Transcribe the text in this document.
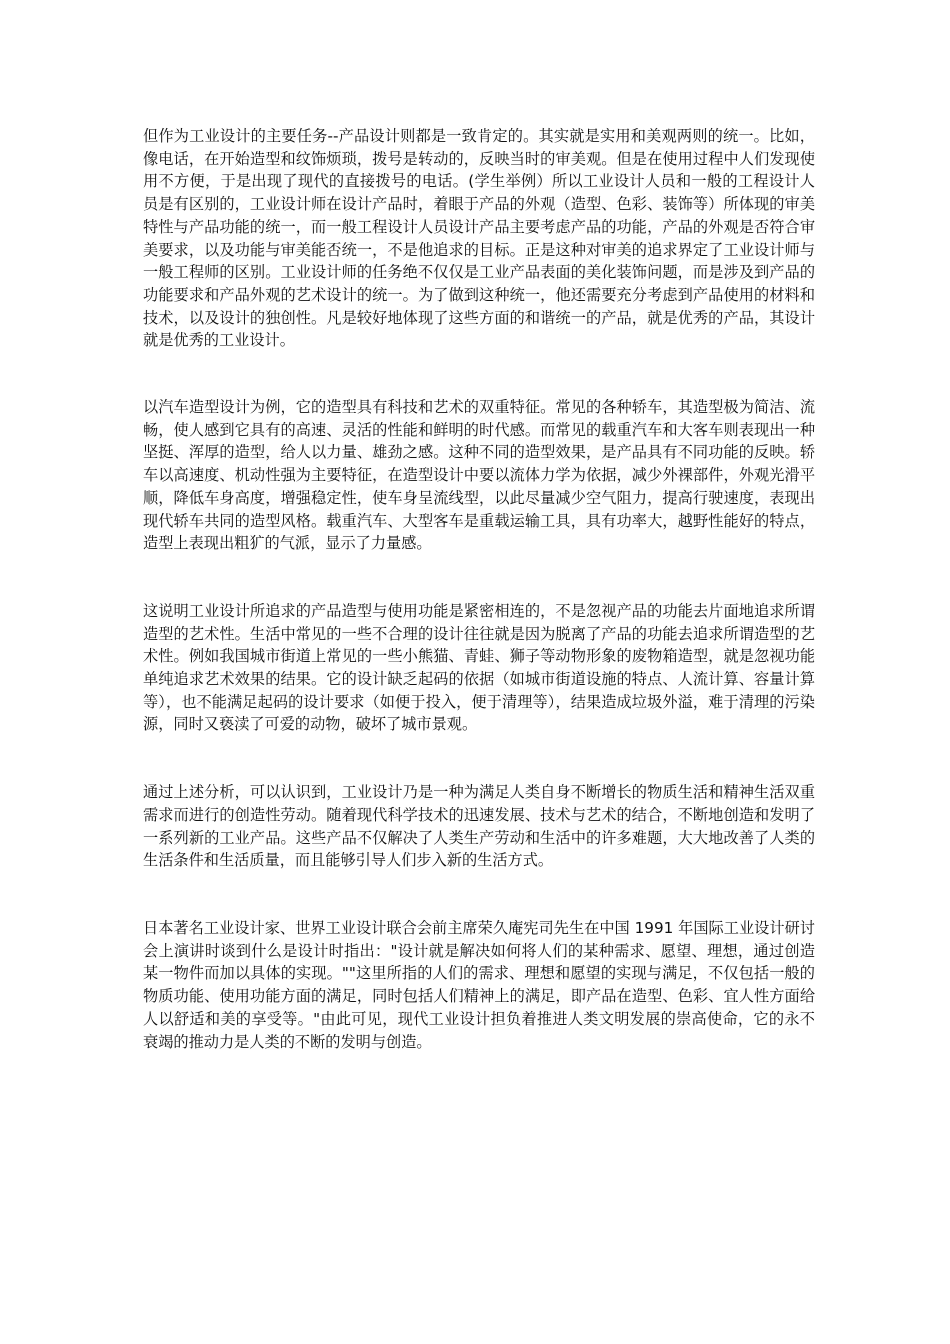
但作为工业设计的主要任务--产品设计则都是一致肯定的。其实就是实用和美观两则的统一。比如，像电话，在开始造型和纹饰烦琐，拨号是转动的，反映当时的审美观。但是在使用过程中人们发现使用不方便，于是出现了现代的直接拨号的电话。(学生举例）所以工业设计人员和一般的工程设计人员是有区别的，工业设计师在设计产品时，着眼于产品的外观（造型、色彩、装饰等）所体现的审美特性与产品功能的统一，而一般工程设计人员设计产品主要考虑产品的功能，产品的外观是否符合审美要求，以及功能与审美能否统一，不是他追求的目标。正是这种对审美的追求界定了工业设计师与一般工程师的区别。工业设计师的任务绝不仅仅是工业产品表面的美化装饰问题，而是涉及到产品的功能要求和产品外观的艺术设计的统一。为了做到这种统一，他还需要充分考虑到产品使用的材料和技术，以及设计的独创性。凡是较好地体现了这些方面的和谐统一的产品，就是优秀的产品，其设计就是优秀的工业设计。

以汽车造型设计为例，它的造型具有科技和艺术的双重特征。常见的各种轿车，其造型极为简洁、流畅，使人感到它具有的高速、灵活的性能和鲜明的时代感。而常见的载重汽车和大客车则表现出一种坚挺、浑厚的造型，给人以力量、雄劲之感。这种不同的造型效果，是产品具有不同功能的反映。轿车以高速度、机动性强为主要特征，在造型设计中要以流体力学为依据，减少外裸部件，外观光滑平顺，降低车身高度，增强稳定性，使车身呈流线型，以此尽量减少空气阻力，提高行驶速度，表现出现代轿车共同的造型风格。载重汽车、大型客车是重载运输工具，具有功率大，越野性能好的特点，造型上表现出粗犷的气派，显示了力量感。

这说明工业设计所追求的产品造型与使用功能是紧密相连的，不是忽视产品的功能去片面地追求所谓造型的艺术性。生活中常见的一些不合理的设计往往就是因为脱离了产品的功能去追求所谓造型的艺术性。例如我国城市街道上常见的一些小熊猫、青蛙、狮子等动物形象的废物箱造型，就是忽视功能单纯追求艺术效果的结果。它的设计缺乏起码的依据（如城市街道设施的特点、人流计算、容量计算等），也不能满足起码的设计要求（如便于投入，便于清理等），结果造成垃圾外溢，难于清理的污染源，同时又亵渎了可爱的动物，破坏了城市景观。

通过上述分析，可以认识到，工业设计乃是一种为满足人类自身不断增长的物质生活和精神生活双重需求而进行的创造性劳动。随着现代科学技术的迅速发展、技术与艺术的结合，不断地创造和发明了一系列新的工业产品。这些产品不仅解决了人类生产劳动和生活中的许多难题，大大地改善了人类的生活条件和生活质量，而且能够引导人们步入新的生活方式。

日本著名工业设计家、世界工业设计联合会前主席荣久庵宪司先生在中国 1991 年国际工业设计研讨会上演讲时谈到什么是设计时指出："设计就是解决如何将人们的某种需求、愿望、理想，通过创造某一物件而加以具体的实现。""这里所指的人们的需求、理想和愿望的实现与满足，不仅包括一般的物质功能、使用功能方面的满足，同时包括人们精神上的满足，即产品在造型、色彩、宜人性方面给人以舒适和美的享受等。"由此可见，现代工业设计担负着推进人类文明发展的崇高使命，它的永不衰竭的推动力是人类的不断的发明与创造。
